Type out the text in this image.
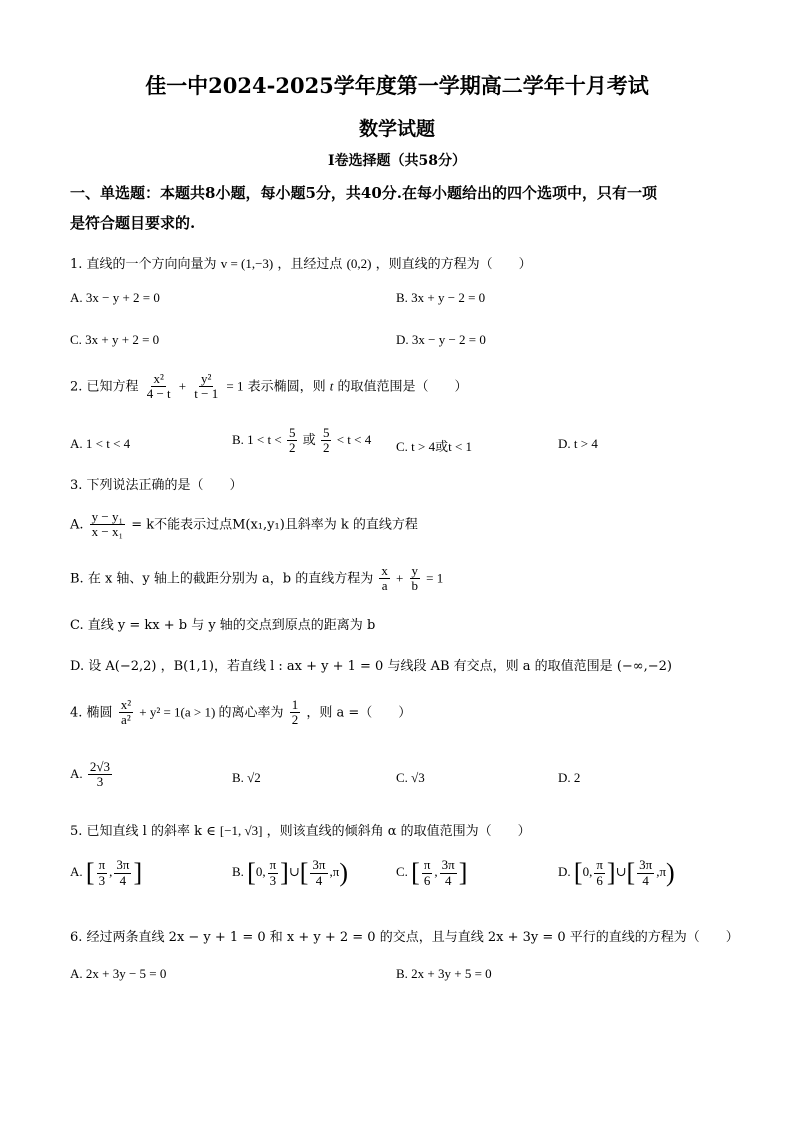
佳一中2024-2025学年度第一学期高二学年十月考试
数学试题
Ⅰ卷选择题（共58分）
一、单选题：本题共8小题，每小题5分，共40分.在每小题给出的四个选项中，只有一项
是符合题目要求的.
1. 直线的一个方向向量为 v = (1,−3) ，且经过点 (0,2) ，则直线的方程为（　　）
A. 3x − y + 2 = 0	B. 3x + y − 2 = 0
C. 3x + y + 2 = 0	D. 3x − y − 2 = 0
2. 已知方程 $\frac{\text{x²}}{4 - t} + \frac{\text{y²}}{t - 1} = 1$ 表示椭圆，则 t 的取值范围是（　　）
A. 1 < t < 4	B. $1 < t < \frac{5}{2}$ 或 $\frac{5}{2} < t < 4$ C. t > 4或t < 1	D. t > 4
3. 下列说法正确的是（　　）
A. $\frac{\text{y − y₁}}{\text{x − x₁}} = k$不能表示过点M(x₁,y₁)且斜率为 k 的直线方程
B. 在 x 轴、y 轴上的截距分别为 a，b 的直线方程为 $\frac{x}{a} + \frac{y}{b} = 1$
C. 直线 y = kx + b 与 y 轴的交点到原点的距离为 b
D. 设 A(−2,2) ，B(1,1)，若直线 l : ax + y + 1 = 0 与线段 AB 有交点，则 a 的取值范围是 (−∞,−2)
4. 椭圆 $\frac{\text{x²}}{\text{a²}} + y^2 = 1(a > 1)$ 的离心率为 $\frac{1}{2}$ ，则 a =（　　）
A. $\frac{2√3}{3}$	B. √2	C. √3	D. 2
5. 已知直线 l 的斜率 k ∈ [−1, √3] ，则该直线的倾斜角 α 的取值范围为（　　）
A. [ $\frac{\pi}{3}$ , $\frac{3\pi}{4}$ ]	B. [0, $\frac{\pi}{3}$ ]∪[ $\frac{3\pi}{4} ,\pi$)	C. [ $\frac{\pi}{6}$ , $\frac{3\pi}{4}$ ]	D. [0, $\frac{\pi}{6}$ ]∪[ $\frac{3\pi}{4} ,\pi$)
6. 经过两条直线 2x − y + 1 = 0 和 x + y + 2 = 0 的交点，且与直线 2x + 3y = 0 平行的直线的方程为（　　）
A. 2x + 3y − 5 = 0	B. 2x + 3y + 5 = 0
